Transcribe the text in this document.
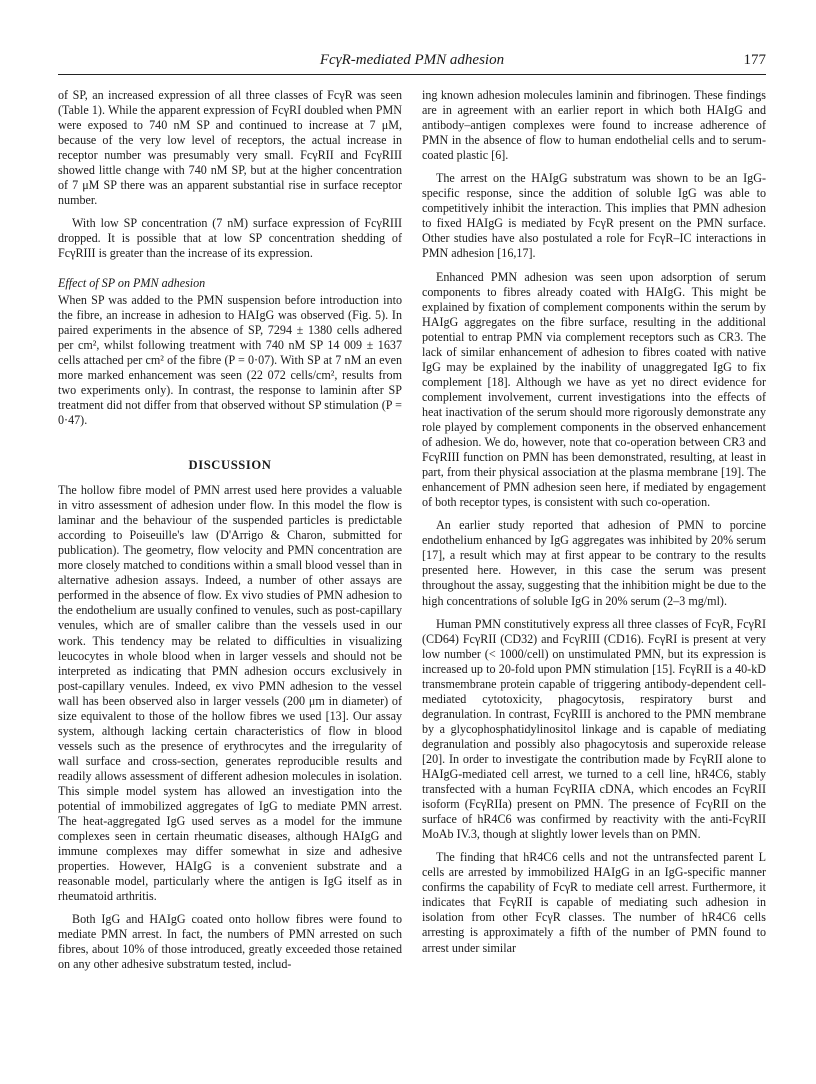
FcγR-mediated PMN adhesion	177

of SP, an increased expression of all three classes of FcγR was seen (Table 1). While the apparent expression of FcγRI doubled when PMN were exposed to 740 nM SP and continued to increase at 7 μM, because of the very low level of receptors, the actual increase in receptor number was presumably very small. FcγRII and FcγRIII showed little change with 740 nM SP, but at the higher concentration of 7 μM SP there was an apparent substantial rise in surface receptor number.

With low SP concentration (7 nM) surface expression of FcγRIII dropped. It is possible that at low SP concentration shedding of FcγRIII is greater than the increase of its expression.

Effect of SP on PMN adhesion

When SP was added to the PMN suspension before introduction into the fibre, an increase in adhesion to HAIgG was observed (Fig. 5). In paired experiments in the absence of SP, 7294 ± 1380 cells adhered per cm², whilst following treatment with 740 nM SP 14 009 ± 1637 cells attached per cm² of the fibre (P = 0·07). With SP at 7 nM an even more marked enhancement was seen (22 072 cells/cm², results from two experiments only). In contrast, the response to laminin after SP treatment did not differ from that observed without SP stimulation (P = 0·47).

DISCUSSION

The hollow fibre model of PMN arrest used here provides a valuable in vitro assessment of adhesion under flow. In this model the flow is laminar and the behaviour of the suspended particles is predictable according to Poiseuille's law (D'Arrigo & Charon, submitted for publication). The geometry, flow velocity and PMN concentration are more closely matched to conditions within a small blood vessel than in alternative adhesion assays. Indeed, a number of other assays are performed in the absence of flow. Ex vivo studies of PMN adhesion to the endothelium are usually confined to venules, such as post-capillary venules, which are of smaller calibre than the vessels used in our work. This tendency may be related to difficulties in visualizing leucocytes in whole blood when in larger vessels and should not be interpreted as indicating that PMN adhesion occurs exclusively in post-capillary venules. Indeed, ex vivo PMN adhesion to the vessel wall has been observed also in larger vessels (200 μm in diameter) of size equivalent to those of the hollow fibres we used [13]. Our assay system, although lacking certain characteristics of flow in blood vessels such as the presence of erythrocytes and the irregularity of wall surface and cross-section, generates reproducible results and readily allows assessment of different adhesion molecules in isolation. This simple model system has allowed an investigation into the potential of immobilized aggregates of IgG to mediate PMN arrest. The heat-aggregated IgG used serves as a model for the immune complexes seen in certain rheumatic diseases, although HAIgG and immune complexes may differ somewhat in size and adhesive properties. However, HAIgG is a convenient substrate and a reasonable model, particularly where the antigen is IgG itself as in rheumatoid arthritis.

Both IgG and HAIgG coated onto hollow fibres were found to mediate PMN arrest. In fact, the numbers of PMN arrested on such fibres, about 10% of those introduced, greatly exceeded those retained on any other adhesive substratum tested, includ-

ing known adhesion molecules laminin and fibrinogen. These findings are in agreement with an earlier report in which both HAIgG and antibody–antigen complexes were found to increase adherence of PMN in the absence of flow to human endothelial cells and to serum-coated plastic [6].

The arrest on the HAIgG substratum was shown to be an IgG-specific response, since the addition of soluble IgG was able to competitively inhibit the interaction. This implies that PMN adhesion to fixed HAIgG is mediated by FcγR present on the PMN surface. Other studies have also postulated a role for FcγR–IC interactions in PMN adhesion [16,17].

Enhanced PMN adhesion was seen upon adsorption of serum components to fibres already coated with HAIgG. This might be explained by fixation of complement components within the serum by HAIgG aggregates on the fibre surface, resulting in the additional potential to entrap PMN via complement receptors such as CR3. The lack of similar enhancement of adhesion to fibres coated with native IgG may be explained by the inability of unaggregated IgG to fix complement [18]. Although we have as yet no direct evidence for complement involvement, current investigations into the effects of heat inactivation of the serum should more rigorously demonstrate any role played by complement components in the observed enhancement of adhesion. We do, however, note that co-operation between CR3 and FcγRIII function on PMN has been demonstrated, resulting, at least in part, from their physical association at the plasma membrane [19]. The enhancement of PMN adhesion seen here, if mediated by engagement of both receptor types, is consistent with such co-operation.

An earlier study reported that adhesion of PMN to porcine endothelium enhanced by IgG aggregates was inhibited by 20% serum [17], a result which may at first appear to be contrary to the results presented here. However, in this case the serum was present throughout the assay, suggesting that the inhibition might be due to the high concentrations of soluble IgG in 20% serum (2–3 mg/ml).

Human PMN constitutively express all three classes of FcγR, FcγRI (CD64) FcγRII (CD32) and FcγRIII (CD16). FcγRI is present at very low number (< 1000/cell) on unstimulated PMN, but its expression is increased up to 20-fold upon PMN stimulation [15]. FcγRII is a 40-kD transmembrane protein capable of triggering antibody-dependent cell-mediated cytotoxicity, phagocytosis, respiratory burst and degranulation. In contrast, FcγRIII is anchored to the PMN membrane by a glycophosphatidylinositol linkage and is capable of mediating degranulation and possibly also phagocytosis and superoxide release [20]. In order to investigate the contribution made by FcγRII alone to HAIgG-mediated cell arrest, we turned to a cell line, hR4C6, stably transfected with a human FcγRIIA cDNA, which encodes an FcγRII isoform (FcγRIIa) present on PMN. The presence of FcγRII on the surface of hR4C6 was confirmed by reactivity with the anti-FcγRII MoAb IV.3, though at slightly lower levels than on PMN.

The finding that hR4C6 cells and not the untransfected parent L cells are arrested by immobilized HAIgG in an IgG-specific manner confirms the capability of FcγR to mediate cell arrest. Furthermore, it indicates that FcγRII is capable of mediating such adhesion in isolation from other FcγR classes. The number of hR4C6 cells arresting is approximately a fifth of the number of PMN found to arrest under similar
